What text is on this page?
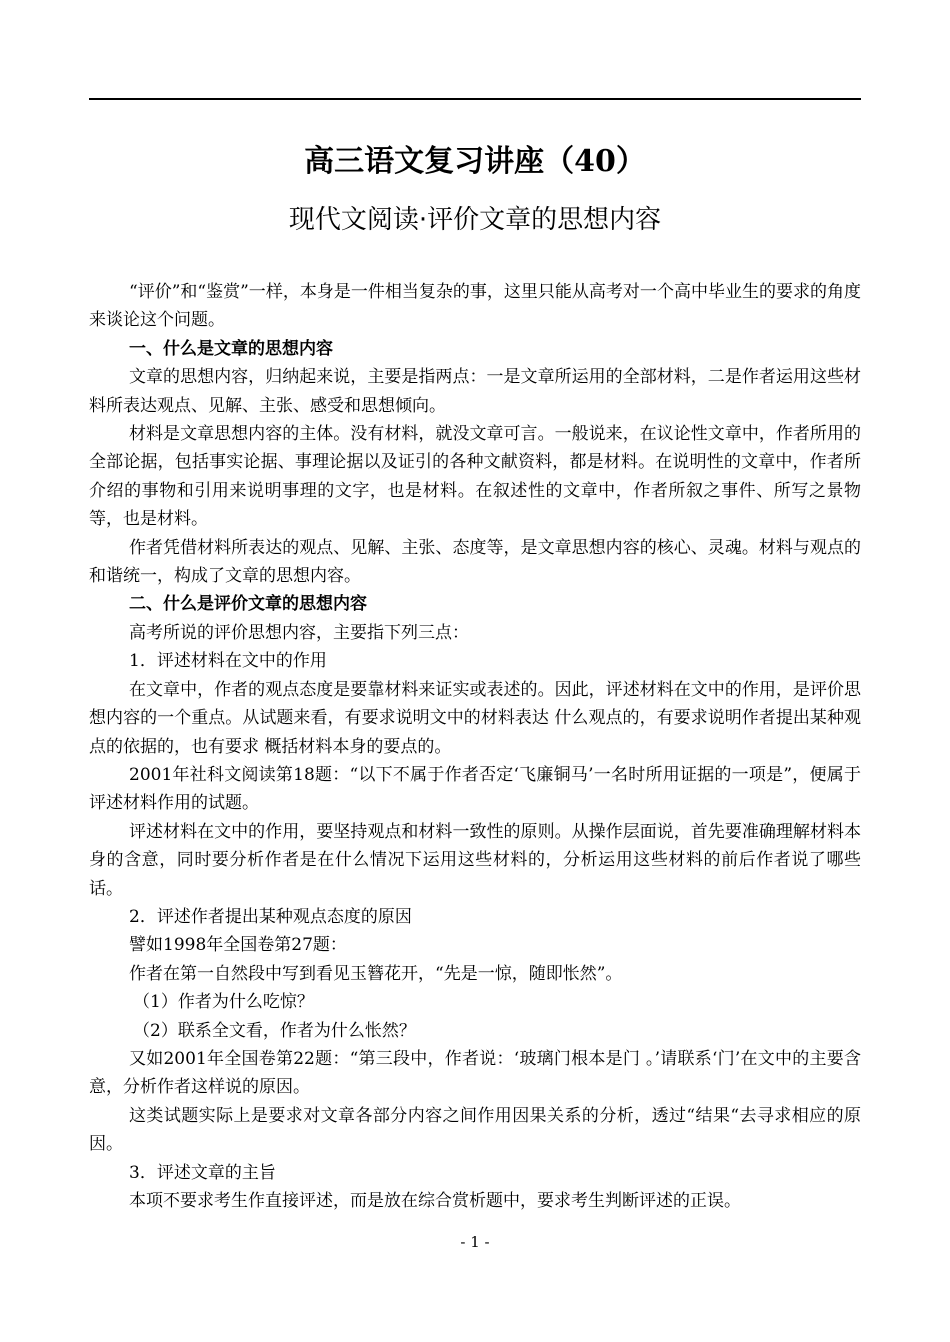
高三语文复习讲座（40）
现代文阅读·评价文章的思想内容

“评价”和“鉴赏”一样，本身是一件相当复杂的事，这里只能从高考对一个高中毕业生的要求的角度来谈论这个问题。

一、什么是文章的思想内容

文章的思想内容，归纳起来说，主要是指两点：一是文章所运用的全部材料，二是作者运用这些材料所表达观点、见解、主张、感受和思想倾向。

材料是文章思想内容的主体。没有材料，就没文章可言。一般说来，在议论性文章中，作者所用的全部论据，包括事实论据、事理论据以及证引的各种文献资料，都是材料。在说明性的文章中，作者所介绍的事物和引用来说明事理的文字，也是材料。在叙述性的文章中，作者所叙之事件、所写之景物等，也是材料。

作者凭借材料所表达的观点、见解、主张、态度等，是文章思想内容的核心、灵魂。材料与观点的和谐统一，构成了文章的思想内容。

二、什么是评价文章的思想内容

高考所说的评价思想内容，主要指下列三点：

1．评述材料在文中的作用

在文章中，作者的观点态度是要靠材料来证实或表述的。因此，评述材料在文中的作用，是评价思想内容的一个重点。从试题来看，有要求说明文中的材料表达 什么观点的，有要求说明作者提出某种观点的依据的，也有要求 概括材料本身的要点的。

2001年社科文阅读第18题：“以下不属于作者否定‘飞廉铜马’一名时所用证据的一项是”，便属于评述材料作用的试题。

评述材料在文中的作用，要坚持观点和材料一致性的原则。从操作层面说，首先要准确理解材料本身的含意，同时要分析作者是在什么情况下运用这些材料的，分析运用这些材料的前后作者说了哪些话。

2．评述作者提出某种观点态度的原因

譬如1998年全国卷第27题：

作者在第一自然段中写到看见玉簪花开，“先是一惊，随即怅然”。

（1）作者为什么吃惊？

（2）联系全文看，作者为什么怅然？

又如2001年全国卷第22题：“第三段中，作者说：‘玻璃门根本是门 。’请联系‘门’在文中的主要含意，分析作者这样说的原因。

这类试题实际上是要求对文章各部分内容之间作用因果关系的分析，透过“结果“去寻求相应的原因。

3．评述文章的主旨

本项不要求考生作直接评述，而是放在综合赏析题中，要求考生判断评述的正误。

- 1 -
